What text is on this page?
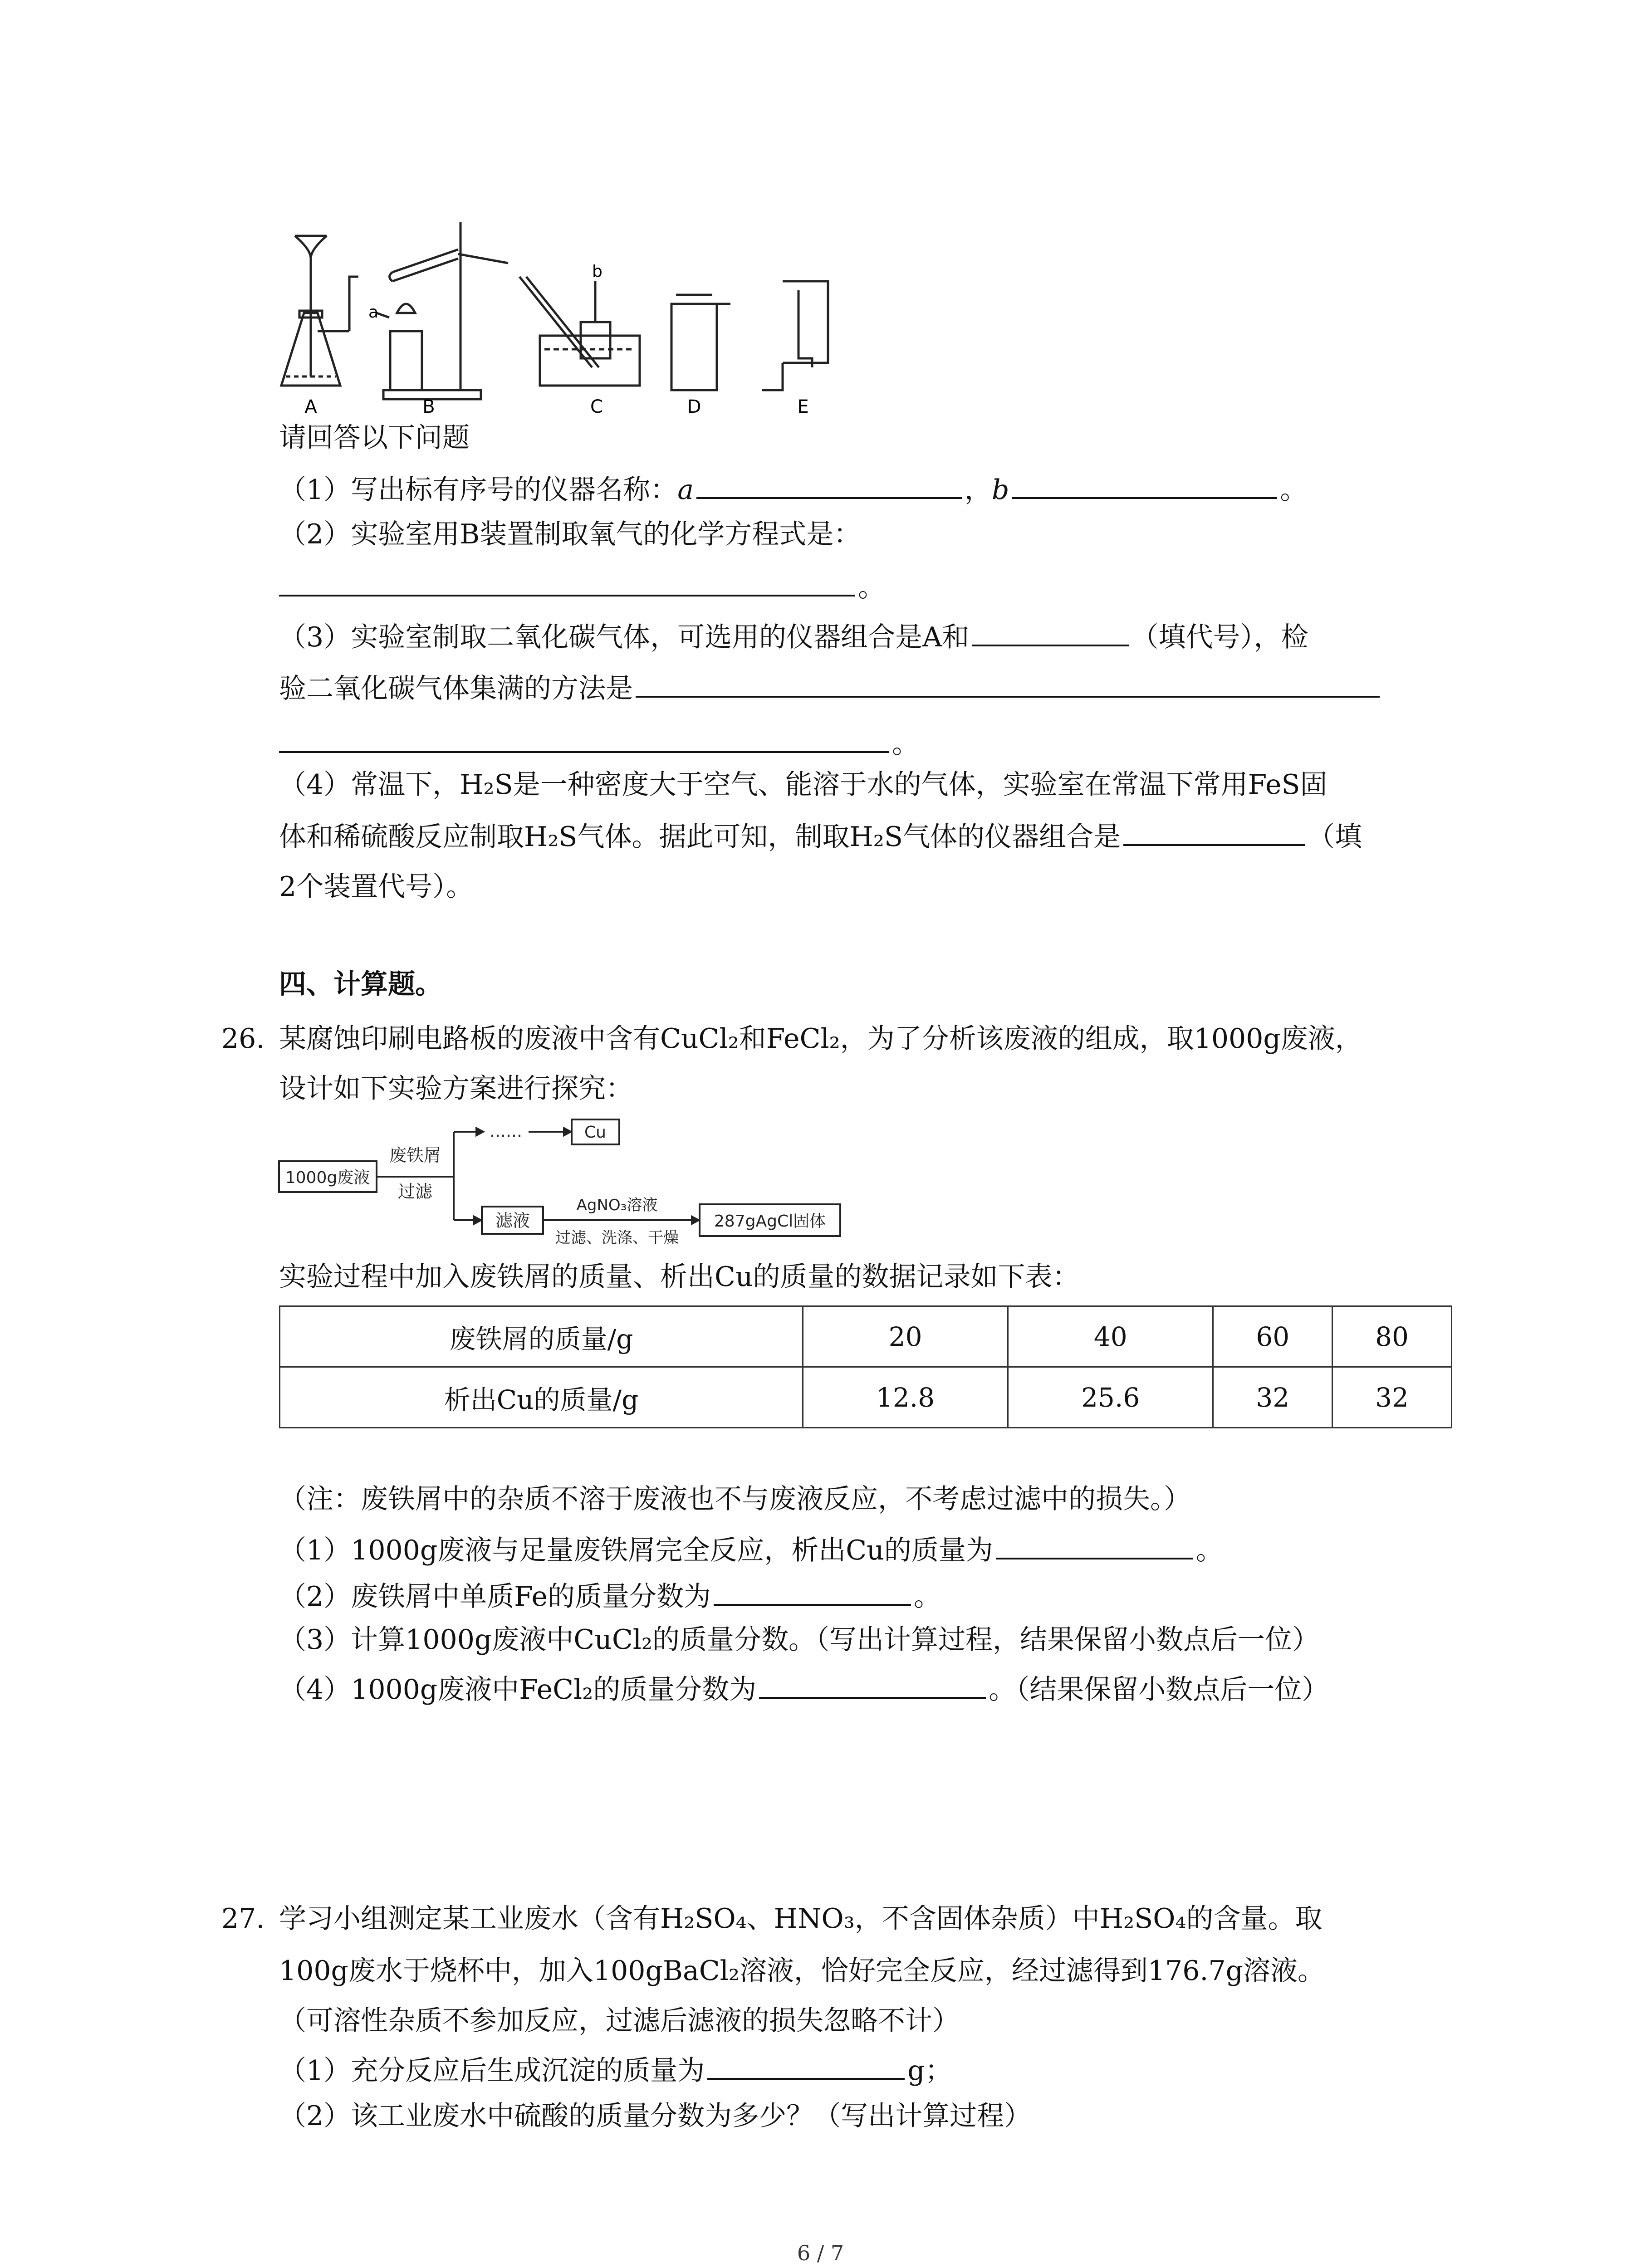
A	B	C	D	E
a
b
请回答以下问题
（1）写出标有序号的仪器名称：a	，b	。
（2）实验室用B装置制取氧气的化学方程式是：
。
（3）实验室制取二氧化碳气体，可选用的仪器组合是A和	（填代号），检
验二氧化碳气体集满的方法是
。
（4）常温下，H₂S是一种密度大于空气、能溶于水的气体，实验室在常温下常用FeS固
体和稀硫酸反应制取H₂S气体。据此可知，制取H₂S气体的仪器组合是	（填
2个装置代号）。
四、计算题。
26. 某腐蚀印刷电路板的废液中含有CuCl₂和FeCl₂，为了分析该废液的组成，取1000g废液，
设计如下实验方案进行探究：
1000g废液
废铁屑
过滤
……	Cu
滤液
AgNO₃溶液
过滤、洗涤、干燥
287gAgCl固体
实验过程中加入废铁屑的质量、析出Cu的质量的数据记录如下表：
废铁屑的质量/g	20	40	60	80
析出Cu的质量/g	12.8	25.6	32	32
（注：废铁屑中的杂质不溶于废液也不与废液反应，不考虑过滤中的损失。）
（1）1000g废液与足量废铁屑完全反应，析出Cu的质量为	。
（2）废铁屑中单质Fe的质量分数为	。
（3）计算1000g废液中CuCl₂的质量分数。（写出计算过程，结果保留小数点后一位）
（4）1000g废液中FeCl₂的质量分数为	。（结果保留小数点后一位）
27. 学习小组测定某工业废水（含有H₂SO₄、HNO₃，不含固体杂质）中H₂SO₄的含量。取
100g废水于烧杯中，加入100gBaCl₂溶液，恰好完全反应，经过滤得到176.7g溶液。
（可溶性杂质不参加反应，过滤后滤液的损失忽略不计）
（1）充分反应后生成沉淀的质量为	g；
（2）该工业废水中硫酸的质量分数为多少？（写出计算过程）
6 / 7
